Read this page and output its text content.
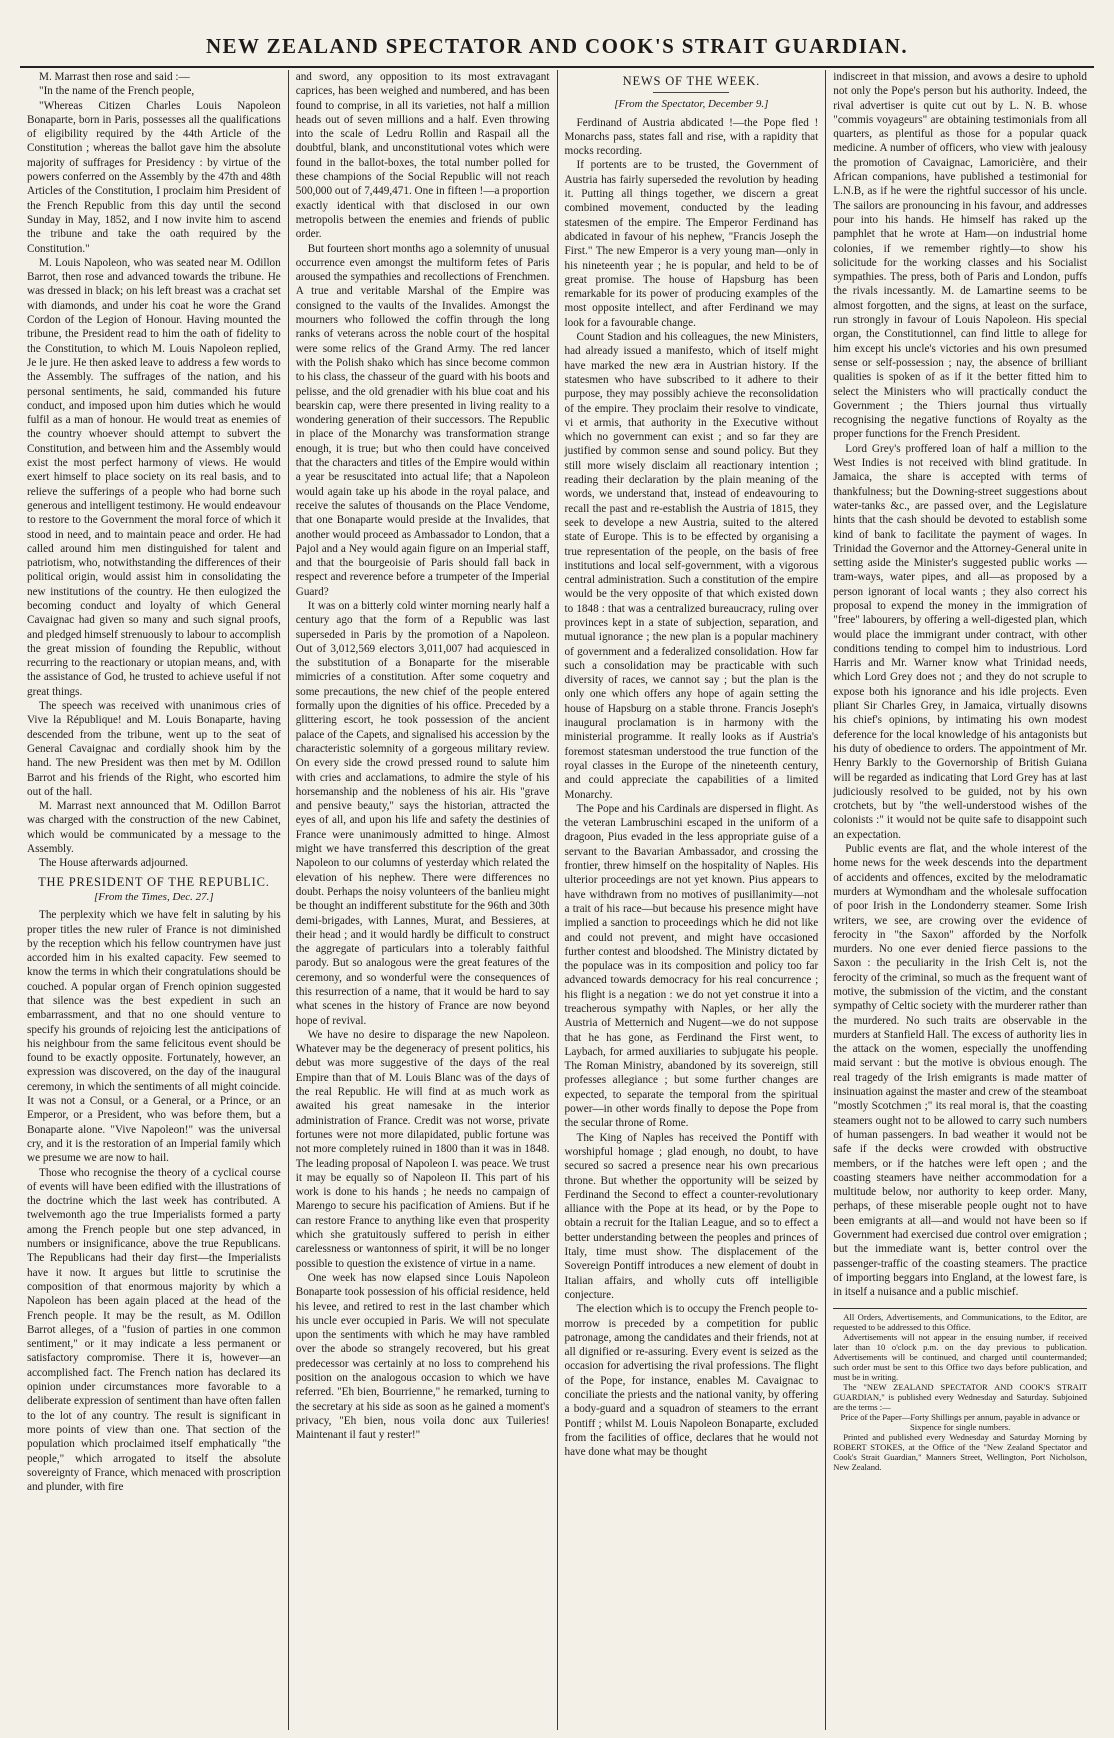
NEW ZEALAND SPECTATOR AND COOK'S STRAIT GUARDIAN.

M. Marrast then rose and said :—

"In the name of the French people,

"Whereas Citizen Charles Louis Napoleon Bonaparte, born in Paris, possesses all the qualifications of eligibility required by the 44th Article of the Constitution ; whereas the ballot gave him the absolute majority of suffrages for Presidency : by virtue of the powers conferred on the Assembly by the 47th and 48th Articles of the Constitution, I proclaim him President of the French Republic from this day until the second Sunday in May, 1852, and I now invite him to ascend the tribune and take the oath required by the Constitution."

M. Louis Napoleon, who was seated near M. Odillon Barrot, then rose and advanced towards the tribune. He was dressed in black; on his left breast was a crachat set with diamonds, and under his coat he wore the Grand Cordon of the Legion of Honour. Having mounted the tribune, the President read to him the oath of fidelity to the Constitution, to which M. Louis Napoleon replied, Je le jure. He then asked leave to address a few words to the Assembly. The suffrages of the nation, and his personal sentiments, he said, commanded his future conduct, and imposed upon him duties which he would fulfil as a man of honour. He would treat as enemies of the country whoever should attempt to subvert the Constitution, and between him and the Assembly would exist the most perfect harmony of views. He would exert himself to place society on its real basis, and to relieve the sufferings of a people who had borne such generous and intelligent testimony. He would endeavour to restore to the Government the moral force of which it stood in need, and to maintain peace and order. He had called around him men distinguished for talent and patriotism, who, notwithstanding the differences of their political origin, would assist him in consolidating the new institutions of the country. He then eulogized the becoming conduct and loyalty of which General Cavaignac had given so many and such signal proofs, and pledged himself strenuously to labour to accomplish the great mission of founding the Republic, without recurring to the reactionary or utopian means, and, with the assistance of God, he trusted to achieve useful if not great things.

The speech was received with unanimous cries of Vive la République! and M. Louis Bonaparte, having descended from the tribune, went up to the seat of General Cavaignac and cordially shook him by the hand. The new President was then met by M. Odillon Barrot and his friends of the Right, who escorted him out of the hall.

M. Marrast next announced that M. Odillon Barrot was charged with the construction of the new Cabinet, which would be communicated by a message to the Assembly.

The House afterwards adjourned.

THE PRESIDENT OF THE REPUBLIC.
[From the Times, Dec. 27.]

The perplexity which we have felt in saluting by his proper titles the new ruler of France is not diminished by the reception which his fellow countrymen have just accorded him in his exalted capacity. Few seemed to know the terms in which their congratulations should be couched. A popular organ of French opinion suggested that silence was the best expedient in such an embarrassment, and that no one should venture to specify his grounds of rejoicing lest the anticipations of his neighbour from the same felicitous event should be found to be exactly opposite. Fortunately, however, an expression was discovered, on the day of the inaugural ceremony, in which the sentiments of all might coincide. It was not a Consul, or a General, or a Prince, or an Emperor, or a President, who was before them, but a Bonaparte alone. "Vive Napoleon!" was the universal cry, and it is the restoration of an Imperial family which we presume we are now to hail.

Those who recognise the theory of a cyclical course of events will have been edified with the illustrations of the doctrine which the last week has contributed. A twelvemonth ago the true Imperialists formed a party among the French people but one step advanced, in numbers or insignificance, above the true Republicans. The Republicans had their day first—the Imperialists have it now. It argues but little to scrutinise the composition of that enormous majority by which a Napoleon has been again placed at the head of the French people. It may be the result, as M. Odillon Barrot alleges, of a "fusion of parties in one common sentiment," or it may indicate a less permanent or satisfactory compromise. There it is, however—an accomplished fact. The French nation has declared its opinion under circumstances more favorable to a deliberate expression of sentiment than have often fallen to the lot of any country. The result is significant in more points of view than one. That section of the population which proclaimed itself emphatically "the people," which arrogated to itself the absolute sovereignty of France, which menaced with proscription and plunder, with fire

and sword, any opposition to its most extravagant caprices, has been weighed and numbered, and has been found to comprise, in all its varieties, not half a million heads out of seven millions and a half. Even throwing into the scale of Ledru Rollin and Raspail all the doubtful, blank, and unconstitutional votes which were found in the ballot-boxes, the total number polled for these champions of the Social Republic will not reach 500,000 out of 7,449,471. One in fifteen !—a proportion exactly identical with that disclosed in our own metropolis between the enemies and friends of public order.

But fourteen short months ago a solemnity of unusual occurrence even amongst the multiform fetes of Paris aroused the sympathies and recollections of Frenchmen. A true and veritable Marshal of the Empire was consigned to the vaults of the Invalides. Amongst the mourners who followed the coffin through the long ranks of veterans across the noble court of the hospital were some relics of the Grand Army. The red lancer with the Polish shako which has since become common to his class, the chasseur of the guard with his boots and pelisse, and the old grenadier with his blue coat and his bearskin cap, were there presented in living reality to a wondering generation of their successors. The Republic in place of the Monarchy was transformation strange enough, it is true; but who then could have conceived that the characters and titles of the Empire would within a year be resuscitated into actual life; that a Napoleon would again take up his abode in the royal palace, and receive the salutes of thousands on the Place Vendome, that one Bonaparte would preside at the Invalides, that another would proceed as Ambassador to London, that a Pajol and a Ney would again figure on an Imperial staff, and that the bourgeoisie of Paris should fall back in respect and reverence before a trumpeter of the Imperial Guard?

It was on a bitterly cold winter morning nearly half a century ago that the form of a Republic was last superseded in Paris by the promotion of a Napoleon. Out of 3,012,569 electors 3,011,007 had acquiesced in the substitution of a Bonaparte for the miserable mimicries of a constitution. After some coquetry and some precautions, the new chief of the people entered formally upon the dignities of his office. Preceded by a glittering escort, he took possession of the ancient palace of the Capets, and signalised his accession by the characteristic solemnity of a gorgeous military review. On every side the crowd pressed round to salute him with cries and acclamations, to admire the style of his horsemanship and the nobleness of his air. His "grave and pensive beauty," says the historian, attracted the eyes of all, and upon his life and safety the destinies of France were unanimously admitted to hinge. Almost might we have transferred this description of the great Napoleon to our columns of yesterday which related the elevation of his nephew. There were differences no doubt. Perhaps the noisy volunteers of the banlieu might be thought an indifferent substitute for the 96th and 30th demi-brigades, with Lannes, Murat, and Bessieres, at their head ; and it would hardly be difficult to construct the aggregate of particulars into a tolerably faithful parody. But so analogous were the great features of the ceremony, and so wonderful were the consequences of this resurrection of a name, that it would be hard to say what scenes in the history of France are now beyond hope of revival.

We have no desire to disparage the new Napoleon. Whatever may be the degeneracy of present politics, his debut was more suggestive of the days of the real Empire than that of M. Louis Blanc was of the days of the real Republic. He will find at as much work as awaited his great namesake in the interior administration of France. Credit was not worse, private fortunes were not more dilapidated, public fortune was not more completely ruined in 1800 than it was in 1848. The leading proposal of Napoleon I. was peace. We trust it may be equally so of Napoleon II. This part of his work is done to his hands ; he needs no campaign of Marengo to secure his pacification of Amiens. But if he can restore France to anything like even that prosperity which she gratuitously suffered to perish in either carelessness or wantonness of spirit, it will be no longer possible to question the existence of virtue in a name.

One week has now elapsed since Louis Napoleon Bonaparte took possession of his official residence, held his levee, and retired to rest in the last chamber which his uncle ever occupied in Paris. We will not speculate upon the sentiments with which he may have rambled over the abode so strangely recovered, but his great predecessor was certainly at no loss to comprehend his position on the analogous occasion to which we have referred. "Eh bien, Bourrienne," he remarked, turning to the secretary at his side as soon as he gained a moment's privacy, "Eh bien, nous voila donc aux Tuileries! Maintenant il faut y rester!"

NEWS OF THE WEEK.
[From the Spectator, December 9.]

Ferdinand of Austria abdicated !—the Pope fled ! Monarchs pass, states fall and rise, with a rapidity that mocks recording.

If portents are to be trusted, the Government of Austria has fairly superseded the revolution by heading it. Putting all things together, we discern a great combined movement, conducted by the leading statesmen of the empire. The Emperor Ferdinand has abdicated in favour of his nephew, "Francis Joseph the First." The new Emperor is a very young man—only in his nineteenth year ; he is popular, and held to be of great promise. The house of Hapsburg has been remarkable for its power of producing examples of the most opposite intellect, and after Ferdinand we may look for a favourable change.

Count Stadion and his colleagues, the new Ministers, had already issued a manifesto, which of itself might have marked the new æra in Austrian history. If the statesmen who have subscribed to it adhere to their purpose, they may possibly achieve the reconsolidation of the empire. They proclaim their resolve to vindicate, vi et armis, that authority in the Executive without which no government can exist ; and so far they are justified by common sense and sound policy. But they still more wisely disclaim all reactionary intention ; reading their declaration by the plain meaning of the words, we understand that, instead of endeavouring to recall the past and re-establish the Austria of 1815, they seek to develope a new Austria, suited to the altered state of Europe. This is to be effected by organising a true representation of the people, on the basis of free institutions and local self-government, with a vigorous central administration. Such a constitution of the empire would be the very opposite of that which existed down to 1848 : that was a centralized bureaucracy, ruling over provinces kept in a state of subjection, separation, and mutual ignorance ; the new plan is a popular machinery of government and a federalized consolidation. How far such a consolidation may be practicable with such diversity of races, we cannot say ; but the plan is the only one which offers any hope of again setting the house of Hapsburg on a stable throne. Francis Joseph's inaugural proclamation is in harmony with the ministerial programme. It really looks as if Austria's foremost statesman understood the true function of the royal classes in the Europe of the nineteenth century, and could appreciate the capabilities of a limited Monarchy.

The Pope and his Cardinals are dispersed in flight. As the veteran Lambruschini escaped in the uniform of a dragoon, Pius evaded in the less appropriate guise of a servant to the Bavarian Ambassador, and crossing the frontier, threw himself on the hospitality of Naples. His ulterior proceedings are not yet known. Pius appears to have withdrawn from no motives of pusillanimity—not a trait of his race—but because his presence might have implied a sanction to proceedings which he did not like and could not prevent, and might have occasioned further contest and bloodshed. The Ministry dictated by the populace was in its composition and policy too far advanced towards democracy for his real concurrence ; his flight is a negation : we do not yet construe it into a treacherous sympathy with Naples, or her ally the Austria of Metternich and Nugent—we do not suppose that he has gone, as Ferdinand the First went, to Laybach, for armed auxiliaries to subjugate his people. The Roman Ministry, abandoned by its sovereign, still professes allegiance ; but some further changes are expected, to separate the temporal from the spiritual power—in other words finally to depose the Pope from the secular throne of Rome.

The King of Naples has received the Pontiff with worshipful homage ; glad enough, no doubt, to have secured so sacred a presence near his own precarious throne. But whether the opportunity will be seized by Ferdinand the Second to effect a counter-revolutionary alliance with the Pope at its head, or by the Pope to obtain a recruit for the Italian League, and so to effect a better understanding between the peoples and princes of Italy, time must show. The displacement of the Sovereign Pontiff introduces a new element of doubt in Italian affairs, and wholly cuts off intelligible conjecture.

The election which is to occupy the French people to-morrow is preceded by a competition for public patronage, among the candidates and their friends, not at all dignified or re-assuring. Every event is seized as the occasion for advertising the rival professions. The flight of the Pope, for instance, enables M. Cavaignac to conciliate the priests and the national vanity, by offering a body-guard and a squadron of steamers to the errant Pontiff ; whilst M. Louis Napoleon Bonaparte, excluded from the facilities of office, declares that he would not have done what may be thought

indiscreet in that mission, and avows a desire to uphold not only the Pope's person but his authority. Indeed, the rival advertiser is quite cut out by L. N. B. whose "commis voyageurs" are obtaining testimonials from all quarters, as plentiful as those for a popular quack medicine. A number of officers, who view with jealousy the promotion of Cavaignac, Lamoricière, and their African companions, have published a testimonial for L.N.B, as if he were the rightful successor of his uncle. The sailors are pronouncing in his favour, and addresses pour into his hands. He himself has raked up the pamphlet that he wrote at Ham—on industrial home colonies, if we remember rightly—to show his solicitude for the working classes and his Socialist sympathies. The press, both of Paris and London, puffs the rivals incessantly. M. de Lamartine seems to be almost forgotten, and the signs, at least on the surface, run strongly in favour of Louis Napoleon. His special organ, the Constitutionnel, can find little to allege for him except his uncle's victories and his own presumed sense or self-possession ; nay, the absence of brilliant qualities is spoken of as if it the better fitted him to select the Ministers who will practically conduct the Government ; the Thiers journal thus virtually recognising the negative functions of Royalty as the proper functions for the French President.

Lord Grey's proffered loan of half a million to the West Indies is not received with blind gratitude. In Jamaica, the share is accepted with terms of thankfulness; but the Downing-street suggestions about water-tanks &c., are passed over, and the Legislature hints that the cash should be devoted to establish some kind of bank to facilitate the payment of wages. In Trinidad the Governor and the Attorney-General unite in setting aside the Minister's suggested public works —tram-ways, water pipes, and all—as proposed by a person ignorant of local wants ; they also correct his proposal to expend the money in the immigration of "free" labourers, by offering a well-digested plan, which would place the immigrant under contract, with other conditions tending to compel him to industrious. Lord Harris and Mr. Warner know what Trinidad needs, which Lord Grey does not ; and they do not scruple to expose both his ignorance and his idle projects. Even pliant Sir Charles Grey, in Jamaica, virtually disowns his chief's opinions, by intimating his own modest deference for the local knowledge of his antagonists but his duty of obedience to orders. The appointment of Mr. Henry Barkly to the Governorship of British Guiana will be regarded as indicating that Lord Grey has at last judiciously resolved to be guided, not by his own crotchets, but by "the well-understood wishes of the colonists :" it would not be quite safe to disappoint such an expectation.

Public events are flat, and the whole interest of the home news for the week descends into the department of accidents and offences, excited by the melodramatic murders at Wymondham and the wholesale suffocation of poor Irish in the Londonderry steamer. Some Irish writers, we see, are crowing over the evidence of ferocity in "the Saxon" afforded by the Norfolk murders. No one ever denied fierce passions to the Saxon : the peculiarity in the Irish Celt is, not the ferocity of the criminal, so much as the frequent want of motive, the submission of the victim, and the constant sympathy of Celtic society with the murderer rather than the murdered. No such traits are observable in the murders at Stanfield Hall. The excess of authority lies in the attack on the women, especially the unoffending maid servant : but the motive is obvious enough. The real tragedy of the Irish emigrants is made matter of insinuation against the master and crew of the steamboat "mostly Scotchmen ;" its real moral is, that the coasting steamers ought not to be allowed to carry such numbers of human passengers. In bad weather it would not be safe if the decks were crowded with obstructive members, or if the hatches were left open ; and the coasting steamers have neither accommodation for a multitude below, nor authority to keep order. Many, perhaps, of these miserable people ought not to have been emigrants at all—and would not have been so if Government had exercised due control over emigration ; but the immediate want is, better control over the passenger-traffic of the coasting steamers. The practice of importing beggars into England, at the lowest fare, is in itself a nuisance and a public mischief.

All Orders, Advertisements, and Communications, to the Editor, are requested to be addressed to this Office.

Advertisements will not appear in the ensuing number, if received later than 10 o'clock p.m. on the day previous to publication. Advertisements will be continued, and charged until countermanded; such order must be sent to this Office two days before publication, and must be in writing.

The "NEW ZEALAND SPECTATOR AND COOK'S STRAIT GUARDIAN," is published every Wednesday and Saturday. Subjoined are the terms :—

Price of the Paper—Forty Shillings per annum, payable in advance or Sixpence for single numbers.

Printed and published every Wednesday and Saturday Morning by ROBERT STOKES, at the Office of the "New Zealand Spectator and Cook's Strait Guardian," Manners Street, Wellington, Port Nicholson, New Zealand.
